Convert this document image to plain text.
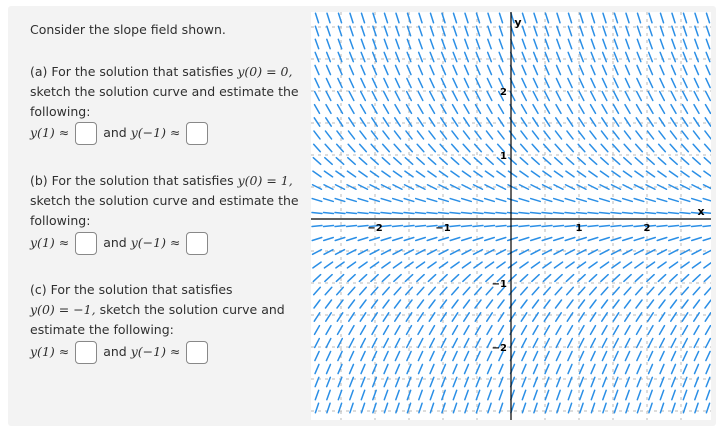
Consider the slope field shown.
(a) For the solution that satisfies y(0) = 0,
sketch the solution curve and estimate the
following:
y(1) ≈	and y(−1) ≈
(b) For the solution that satisfies y(0) = 1,
sketch the solution curve and estimate the
following:
y(1) ≈	and y(−1) ≈
(c) For the solution that satisfies
y(0) = −1, sketch the solution curve and
estimate the following:
y(1) ≈	and y(−1) ≈
−2	−1	1	2
2
1
−1
−2
x
y
